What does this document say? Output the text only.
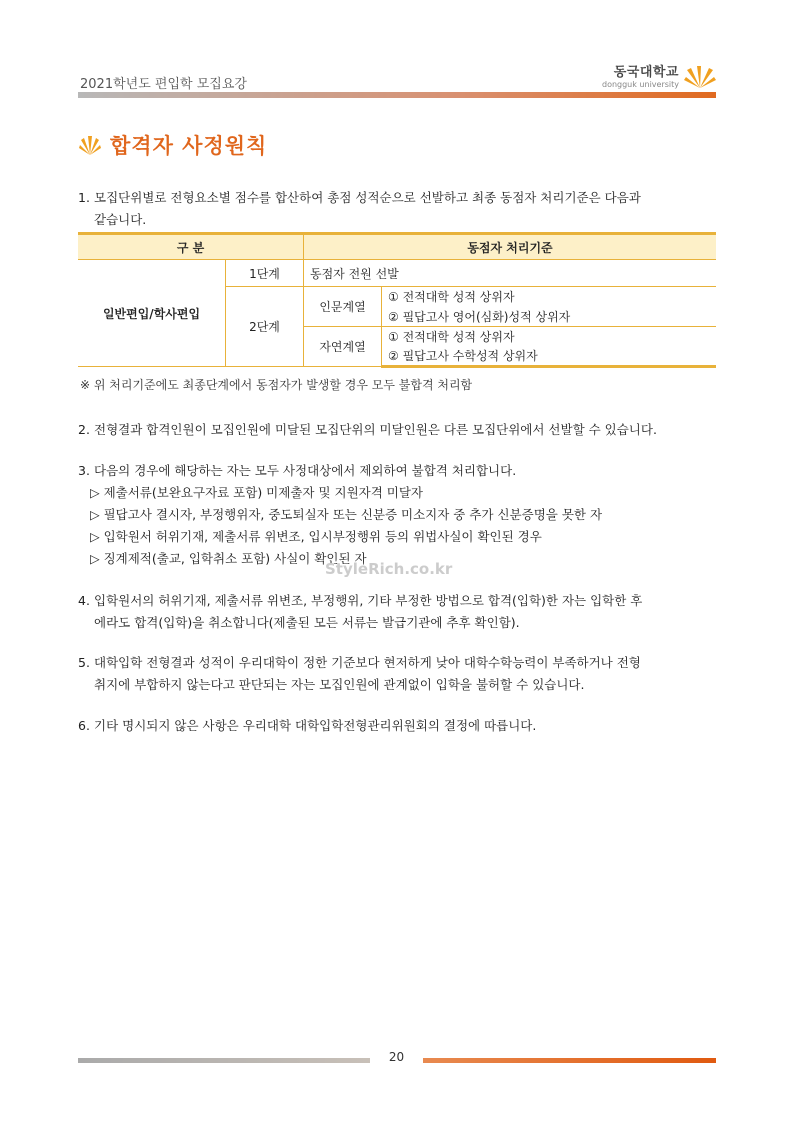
2021학년도 편입학 모집요강
동국대학교
dongguk university
합격자 사정원칙
1. 모집단위별로 전형요소별 점수를 합산하여 총점 성적순으로 선발하고 최종 동점자 처리기준은 다음과
같습니다.
구 분		동점자 처리기준	
일반편입/학사편입	1단계	동점자 전원 선발	
	2단계	인문계열	① 전적대학 성적 상위자
			② 필답고사 영어(심화)성적 상위자
		자연계열	① 전적대학 성적 상위자
			② 필답고사 수학성적 상위자
※ 위 처리기준에도 최종단계에서 동점자가 발생할 경우 모두 불합격 처리함
2. 전형결과 합격인원이 모집인원에 미달된 모집단위의 미달인원은 다른 모집단위에서 선발할 수 있습니다.
3. 다음의 경우에 해당하는 자는 모두 사정대상에서 제외하여 불합격 처리합니다.
▷ 제출서류(보완요구자료 포함) 미제출자 및 지원자격 미달자
▷ 필답고사 결시자, 부정행위자, 중도퇴실자 또는 신분증 미소지자 중 추가 신분증명을 못한 자
▷ 입학원서 허위기재, 제출서류 위변조, 입시부정행위 등의 위법사실이 확인된 경우
▷ 징계제적(출교, 입학취소 포함) 사실이 확인된 자
StyleRich.co.kr
4. 입학원서의 허위기재, 제출서류 위변조, 부정행위, 기타 부정한 방법으로 합격(입학)한 자는 입학한 후
에라도 합격(입학)을 취소합니다(제출된 모든 서류는 발급기관에 추후 확인함).
5. 대학입학 전형결과 성적이 우리대학이 정한 기준보다 현저하게 낮아 대학수학능력이 부족하거나 전형
취지에 부합하지 않는다고 판단되는 자는 모집인원에 관계없이 입학을 불허할 수 있습니다.
6. 기타 명시되지 않은 사항은 우리대학 대학입학전형관리위원회의 결정에 따릅니다.
20
